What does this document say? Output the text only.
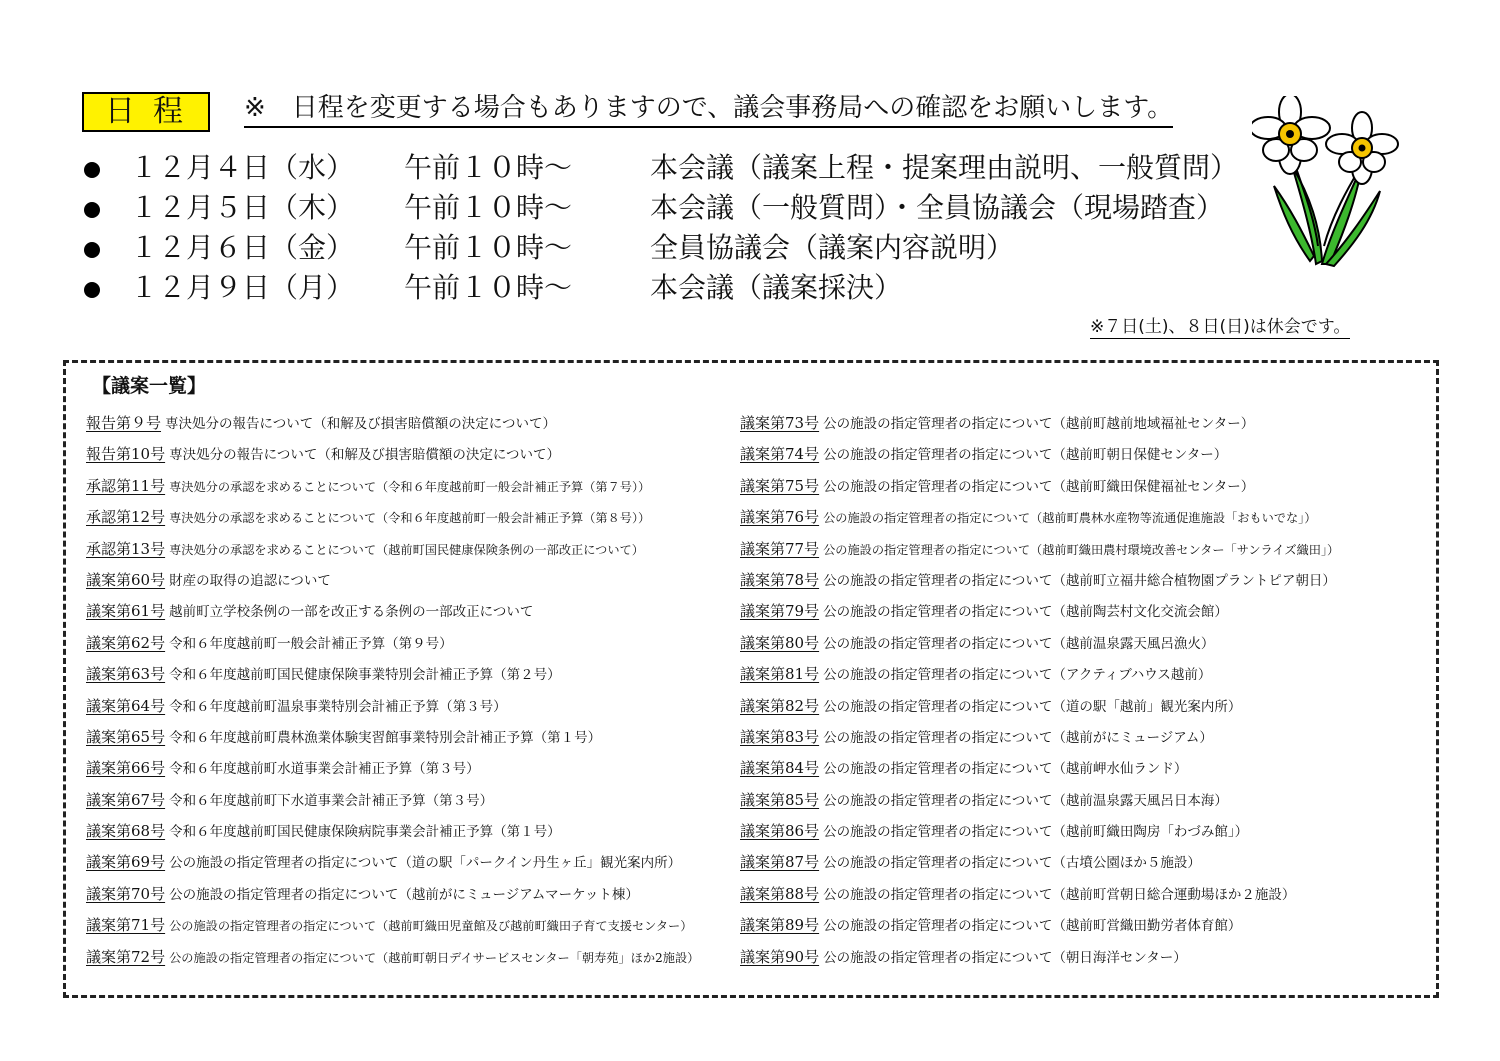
日程	※　日程を変更する場合もありますので、議会事務局への確認をお願いします。
１２月４日（水） 午前１０時～	本会議（議案上程・提案理由説明、一般質問）
１２月５日（木） 午前１０時～	本会議（一般質問）・全員協議会（現場踏査）
１２月６日（金） 午前１０時～	全員協議会（議案内容説明）
１２月９日（月） 午前１０時～	本会議（議案採決）
※７日(土)、８日(日)は休会です。
【議案一覧】
報告第９号 専決処分の報告について（和解及び損害賠償額の決定について）
報告第10号 専決処分の報告について（和解及び損害賠償額の決定について）
承認第11号 専決処分の承認を求めることについて（令和６年度越前町一般会計補正予算（第７号））
承認第12号 専決処分の承認を求めることについて（令和６年度越前町一般会計補正予算（第８号））
承認第13号 専決処分の承認を求めることについて（越前町国民健康保険条例の一部改正について）
議案第60号 財産の取得の追認について
議案第61号 越前町立学校条例の一部を改正する条例の一部改正について
議案第62号 令和６年度越前町一般会計補正予算（第９号）
議案第63号 令和６年度越前町国民健康保険事業特別会計補正予算（第２号）
議案第64号 令和６年度越前町温泉事業特別会計補正予算（第３号）
議案第65号 令和６年度越前町農林漁業体験実習館事業特別会計補正予算（第１号）
議案第66号 令和６年度越前町水道事業会計補正予算（第３号）
議案第67号 令和６年度越前町下水道事業会計補正予算（第３号）
議案第68号 令和６年度越前町国民健康保険病院事業会計補正予算（第１号）
議案第69号 公の施設の指定管理者の指定について（道の駅「パークイン丹生ヶ丘」観光案内所）
議案第70号 公の施設の指定管理者の指定について（越前がにミュージアムマーケット棟）
議案第71号 公の施設の指定管理者の指定について（越前町織田児童館及び越前町織田子育て支援センター）
議案第72号 公の施設の指定管理者の指定について（越前町朝日デイサービスセンター「朝寿苑」ほか2施設）
議案第73号 公の施設の指定管理者の指定について（越前町越前地域福祉センター）
議案第74号 公の施設の指定管理者の指定について（越前町朝日保健センター）
議案第75号 公の施設の指定管理者の指定について（越前町織田保健福祉センター）
議案第76号 公の施設の指定管理者の指定について（越前町農林水産物等流通促進施設「おもいでな」）
議案第77号 公の施設の指定管理者の指定について（越前町織田農村環境改善センター「サンライズ織田」）
議案第78号 公の施設の指定管理者の指定について（越前町立福井総合植物園プラントピア朝日）
議案第79号 公の施設の指定管理者の指定について（越前陶芸村文化交流会館）
議案第80号 公の施設の指定管理者の指定について（越前温泉露天風呂漁火）
議案第81号 公の施設の指定管理者の指定について（アクティブハウス越前）
議案第82号 公の施設の指定管理者の指定について（道の駅「越前」観光案内所）
議案第83号 公の施設の指定管理者の指定について（越前がにミュージアム）
議案第84号 公の施設の指定管理者の指定について（越前岬水仙ランド）
議案第85号 公の施設の指定管理者の指定について（越前温泉露天風呂日本海）
議案第86号 公の施設の指定管理者の指定について（越前町織田陶房「わづみ館」）
議案第87号 公の施設の指定管理者の指定について（古墳公園ほか５施設）
議案第88号 公の施設の指定管理者の指定について（越前町営朝日総合運動場ほか２施設）
議案第89号 公の施設の指定管理者の指定について（越前町営織田勤労者体育館）
議案第90号 公の施設の指定管理者の指定について（朝日海洋センター）
